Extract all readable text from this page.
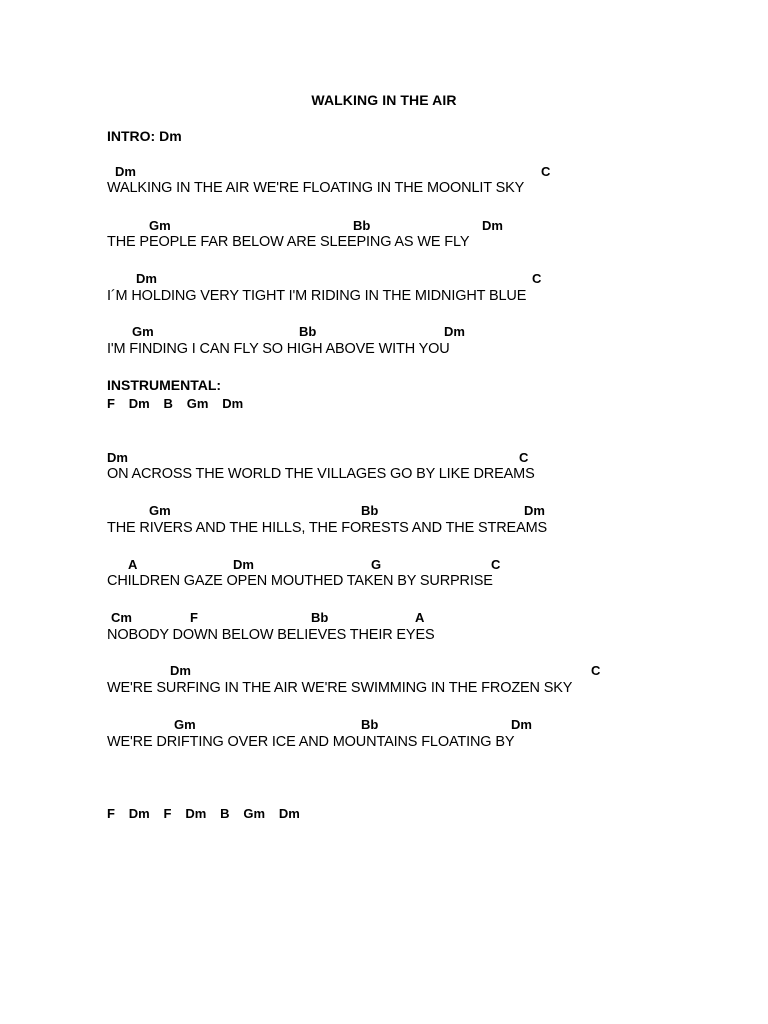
WALKING IN THE AIR
INTRO: Dm
Dm	C
WALKING IN THE AIR WE'RE FLOATING IN THE MOONLIT SKY
Gm	Bb	Dm
THE PEOPLE FAR BELOW ARE SLEEPING AS WE FLY
Dm	C
I´M HOLDING VERY TIGHT I'M RIDING IN THE MIDNIGHT BLUE
Gm	Bb	Dm
I'M FINDING I CAN FLY SO HIGH ABOVE WITH YOU
INSTRUMENTAL:
F   Dm   B   Gm   Dm
Dm	C
ON ACROSS THE WORLD THE VILLAGES GO BY LIKE DREAMS
Gm	Bb	Dm
THE RIVERS AND THE HILLS, THE FORESTS AND THE STREAMS
A	Dm	G	C
CHILDREN GAZE OPEN MOUTHED TAKEN BY SURPRISE
Cm	F	Bb	A
NOBODY DOWN BELOW BELIEVES THEIR EYES
Dm	C
WE'RE SURFING IN THE AIR WE'RE SWIMMING IN THE FROZEN SKY
Gm	Bb	Dm
WE'RE DRIFTING OVER ICE AND MOUNTAINS FLOATING BY
F   Dm   F   Dm   B   Gm   Dm
